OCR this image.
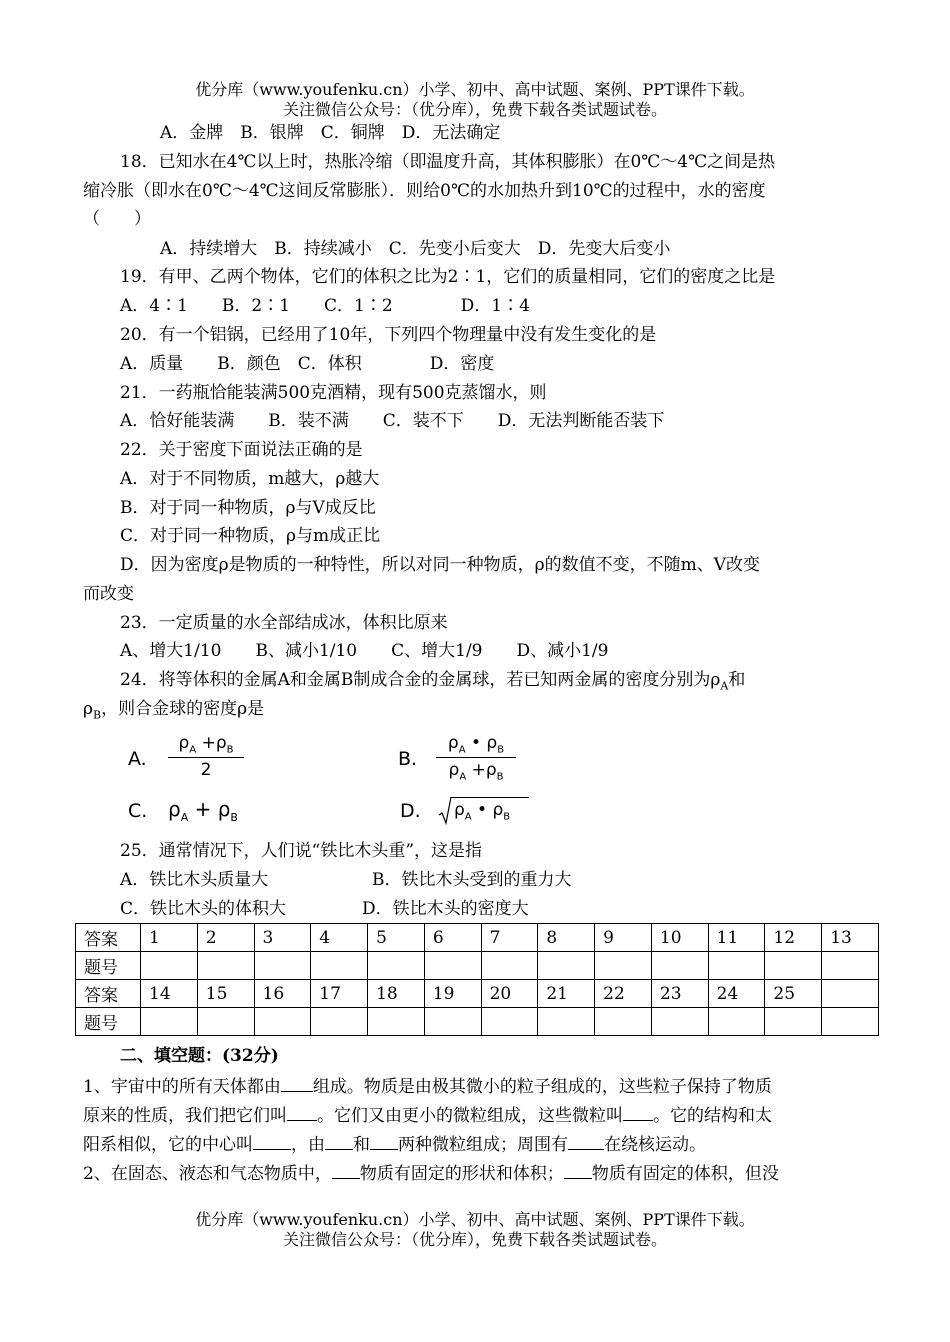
优分库（www.youfenku.cn）小学、初中、高中试题、案例、PPT课件下载。
关注微信公众号：（优分库），免费下载各类试题试卷。
A．金牌　B．银牌　C．铜牌　D．无法确定
18．已知水在4℃以上时，热胀冷缩（即温度升高，其体积膨胀）在0℃～4℃之间是热
缩冷胀（即水在0℃～4℃这间反常膨胀）．则给0℃的水加热升到10℃的过程中，水的密度
（　　）
A．持续增大　B．持续减小　C．先变小后变大　D．先变大后变小
19．有甲、乙两个物体，它们的体积之比为2∶1，它们的质量相同，它们的密度之比是
A．4∶1　　B．2∶1　　C．1∶2　　　　D．1∶4
20．有一个铝锅，已经用了10年，下列四个物理量中没有发生变化的是
A．质量　　B．颜色　C．体积　　　　D．密度
21．一药瓶恰能装满500克酒精，现有500克蒸馏水，则
A．恰好能装满　　B．装不满　　C．装不下　　D．无法判断能否装下
22．关于密度下面说法正确的是
A．对于不同物质，m越大，ρ越大
B．对于同一种物质，ρ与V成反比
C．对于同一种物质，ρ与m成正比
D．因为密度ρ是物质的一种特性，所以对同一种物质，ρ的数值不变，不随m、V改变
而改变
23．一定质量的水全部结成冰，体积比原来
A、增大1/10　　B、减小1/10　　C、增大1/9　　D、减小1/9
24．将等体积的金属A和金属B制成合金的金属球，若已知两金属的密度分别为$\rho_A$和
$\rho_B$，则合金球的密度ρ是
A.
$\rho_A +\rho_B$
2
B.
$\rho_A$ • $\rho_B$
$\rho_A +\rho_B$
C. $\rho_A + \rho_B$	D. $\rho_A$ • $\rho_B$
25．通常情况下，人们说“铁比木头重”，这是指
A．铁比木头质量大	B．铁比木头受到的重力大
C．铁比木头的体积大	D．铁比木头的密度大
答案	1	2	3	4	5	6	7	8	9	10	11	12	13
题号													
答案	14	15	16	17	18	19	20	21	22	23	24	25	
题号													
二、填空题：(32分)
1、宇宙中的所有天体都由 组成。物质是由极其微小的粒子组成的，这些粒子保持了物质
原来的性质，我们把它们叫 。它们又由更小的微粒组成，这些微粒叫 。它的结构和太
阳系相似，它的中心叫 ，由 和 两种微粒组成；周围有 在绕核运动。
2、在固态、液态和气态物质中， 物质有固定的形状和体积； 物质有固定的体积，但没
优分库（www.youfenku.cn）小学、初中、高中试题、案例、PPT课件下载。
关注微信公众号：（优分库），免费下载各类试题试卷。
